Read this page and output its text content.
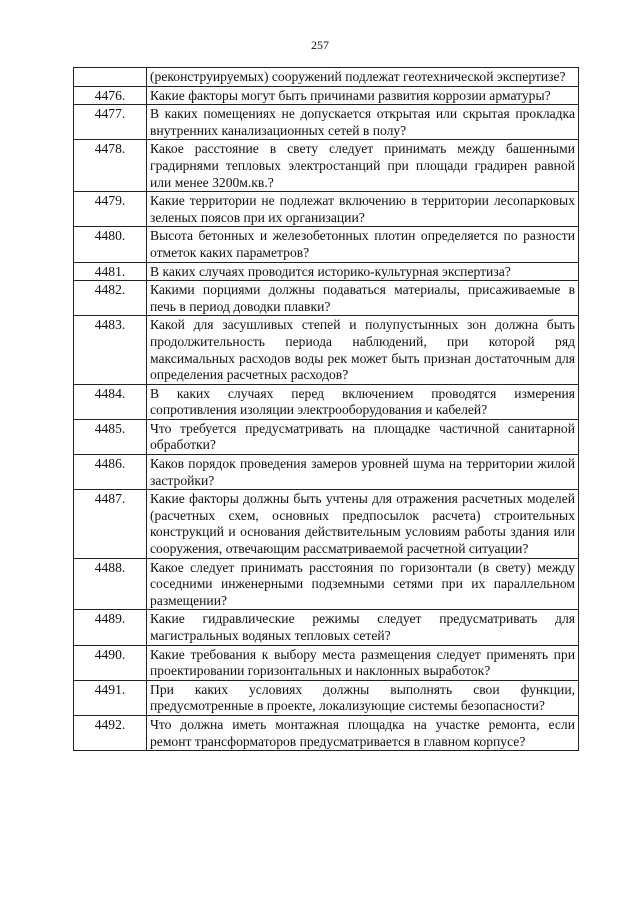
257
	(реконструируемых) сооружений подлежат геотехнической экспертизе?
4476.	Какие факторы могут быть причинами развития коррозии арматуры?
4477.	В каких помещениях не допускается открытая или скрытая прокладка внутренних канализационных сетей в полу?
4478.	Какое расстояние в свету следует принимать между башенными градирнями тепловых электростанций при площади градирен равной или менее 3200м.кв.?
4479.	Какие территории не подлежат включению в территории лесопарковых зеленых поясов при их организации?
4480.	Высота бетонных и железобетонных плотин определяется по разности отметок каких параметров?
4481.	В каких случаях проводится историко-культурная экспертиза?
4482.	Какими порциями должны подаваться материалы, присаживаемые в печь в период доводки плавки?
4483.	Какой для засушливых степей и полупустынных зон должна быть продолжительность периода наблюдений, при которой ряд максимальных расходов воды рек может быть признан достаточным для определения расчетных расходов?
4484.	В каких случаях перед включением проводятся измерения сопротивления изоляции электрооборудования и кабелей?
4485.	Что требуется предусматривать на площадке частичной санитарной обработки?
4486.	Каков порядок проведения замеров уровней шума на территории жилой застройки?
4487.	Какие факторы должны быть учтены для отражения расчетных моделей (расчетных схем, основных предпосылок расчета) строительных конструкций и основания действительным условиям работы здания или сооружения, отвечающим рассматриваемой расчетной ситуации?
4488.	Какое следует принимать расстояния по горизонтали (в свету) между соседними инженерными подземными сетями при их параллельном размещении?
4489.	Какие гидравлические режимы следует предусматривать для магистральных водяных тепловых сетей?
4490.	Какие требования к выбору места размещения следует применять при проектировании горизонтальных и наклонных выработок?
4491.	При каких условиях должны выполнять свои функции, предусмотренные в проекте, локализующие системы безопасности?
4492.	Что должна иметь монтажная площадка на участке ремонта, если ремонт трансформаторов предусматривается в главном корпусе?
